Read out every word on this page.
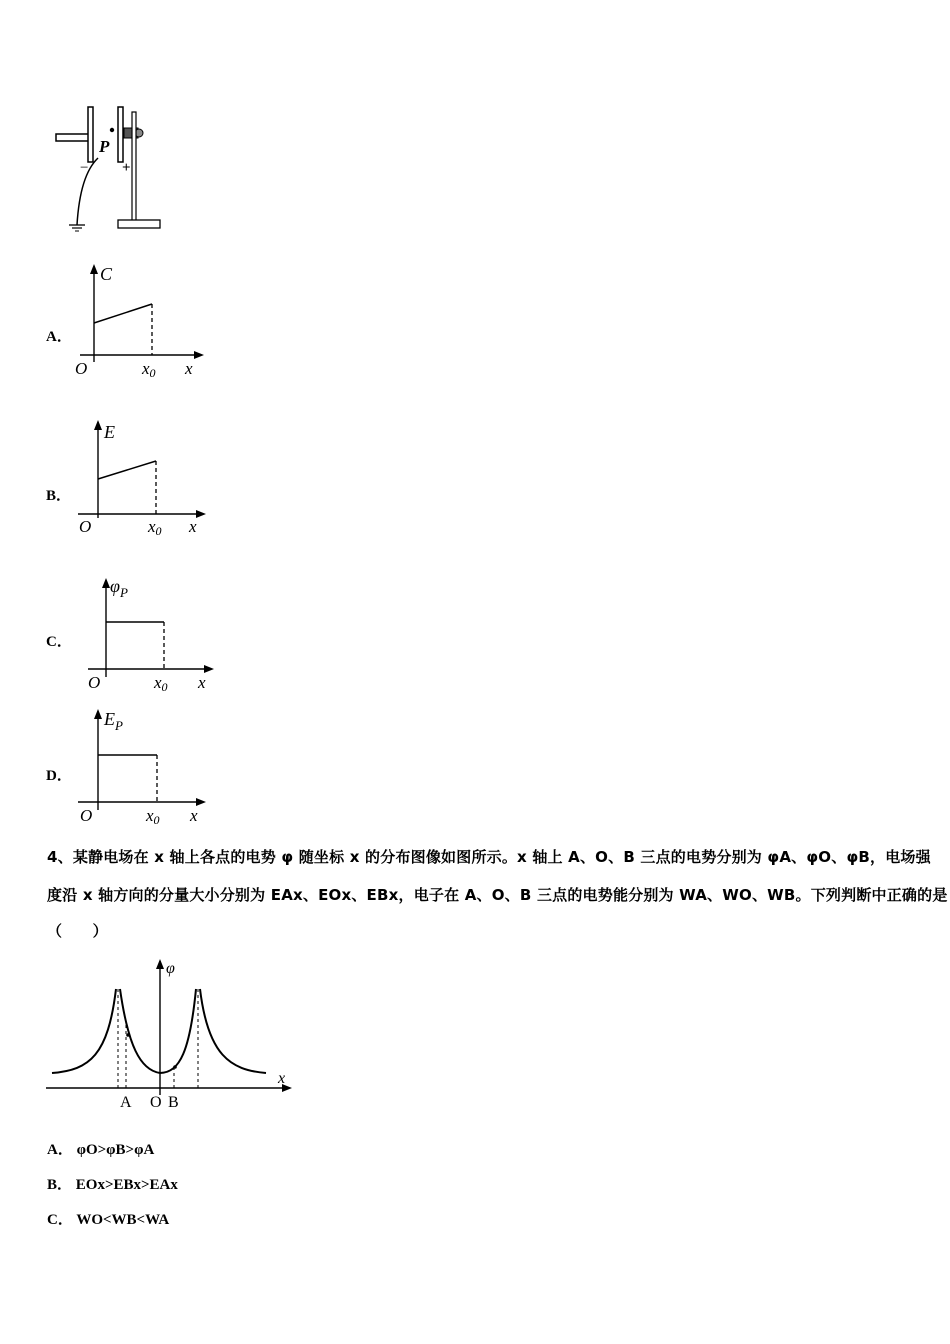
P
− +
A．
C
O	x0 x
B．
E
O	x0 x
C．
$\varphi_P$
O	x0 x
D．
$E_P$
O	x0 x
4、某静电场在 x 轴上各点的电势 φ 随坐标 x 的分布图像如图所示。x 轴上 A、O、B 三点的电势分别为 φA、φO、φB，电场强
度沿 x 轴方向的分量大小分别为 EAx、EOx、EBx，电子在 A、O、B 三点的电势能分别为 WA、WO、WB。下列判断中正确的是
（　　）
φ
x
A O B
A． φO>φB>φA
B． EOx>EBx>EAx
C． WO<WB<WA
